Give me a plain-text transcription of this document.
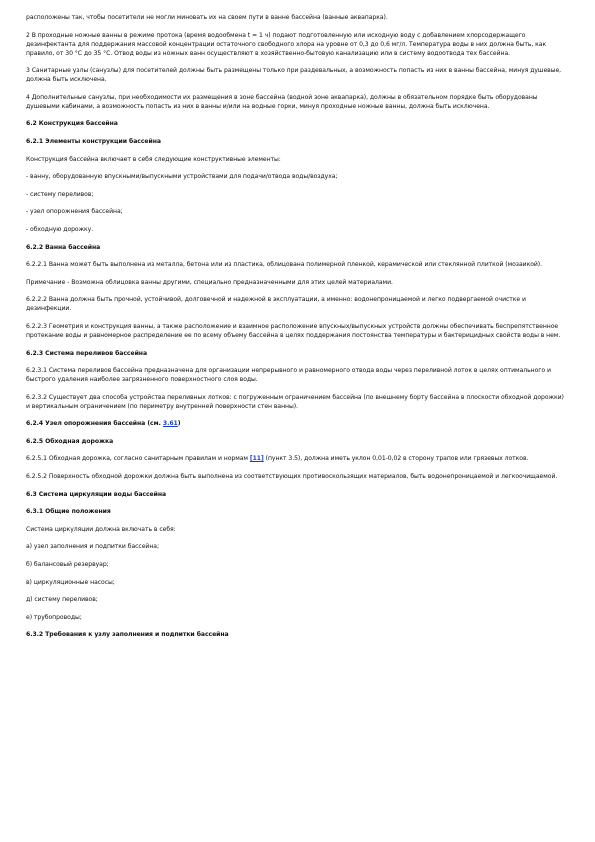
расположены так, чтобы посетители не могли миновать их на своем пути в ванне бассейна (ванные аквапарка).

2 В проходные ножные ванны в режиме протока (время водообмена t = 1 ч) подают подготовленную или исходную воду с добавлением хлорсодержащего дезинфектанта для поддержания массовой концентрации остаточного свободного хлора на уровне от 0,3 до 0,6 мг/л. Температура воды в них должна быть, как правило, от 30 °С до 35 °С. Отвод воды из ножных ванн осуществляют в хозяйственно-бытовую канализацию или в систему водоотвода тех бассейна.

3 Санитарные узлы (санузлы) для посетителей должны быть размещены только при раздевальных, а возможность попасть из них в ванны бассейна, минуя душевые, должна быть исключена.

4 Дополнительные санузлы, при необходимости их размещения в зоне бассейна (водной зоне аквапарка), должны в обязательном порядке быть оборудованы душевыми кабинами, а возможность попасть из них в ванны и/или на водные горки, минуя проходные ножные ванны, должна быть исключена.

6.2 Конструкция бассейна

6.2.1 Элементы конструкции бассейна

Конструкция бассейна включает в себя следующие конструктивные элементы:

- ванну, оборудованную впускными/выпускными устройствами для подачи/отвода воды/воздуха;

- систему переливов;

- узел опорожнения бассейна;

- обходную дорожку.

6.2.2 Ванна бассейна

6.2.2.1 Ванна может быть выполнена из металла, бетона или из пластика, облицована полимерной пленкой, керамической или стеклянной плиткой (мозаикой).

Примечание - Возможна облицовка ванны другими, специально предназначенными для этих целей материалами.

6.2.2.2 Ванна должна быть прочной, устойчивой, долговечной и надежной в эксплуатации, а именно: водонепроницаемой и легко подвергаемой очистке и дезинфекции.

6.2.2.3 Геометрия и конструкция ванны, а также расположение и взаимное расположение впускных/выпускных устройств должны обеспечивать беспрепятственное протекание воды и равномерное распределение ее по всему объему бассейна в целях поддержания постоянства температуры и бактерицидных свойств воды в нем.

6.2.3 Система переливов бассейна

6.2.3.1 Система переливов бассейна предназначена для организации непрерывного и равномерного отвода воды через переливной лоток в целях оптимального и быстрого удаления наиболее загрязненного поверхностного слоя воды.

6.2.3.2 Существует два способа устройства переливных лотков: с погруженным ограничением бассейна (по внешнему борту бассейна в плоскости обходной дорожки) и вертикальным ограничением (по периметру внутренней поверхности стен ванны).

6.2.4 Узел опорожнения бассейна (см. 3.61)

6.2.5 Обходная дорожка

6.2.5.1 Обходная дорожка, согласно санитарным правилам и нормам [11] (пункт 3.5), должна иметь уклон 0,01-0,02 в сторону трапов или грязевых лотков.

6.2.5.2 Поверхность обходной дорожки должна быть выполнена из соответствующих противоскользящих материалов, быть водонепроницаемой и легкоочищаемой.

6.3 Система циркуляции воды бассейна

6.3.1 Общие положения

Система циркуляции должна включать в себя:

а) узел заполнения и подпитки бассейна;

б) балансовый резервуар;

в) циркуляционные насосы;

д) систему переливов;

е) трубопроводы;

6.3.2 Требования к узлу заполнения и подпитки бассейна
